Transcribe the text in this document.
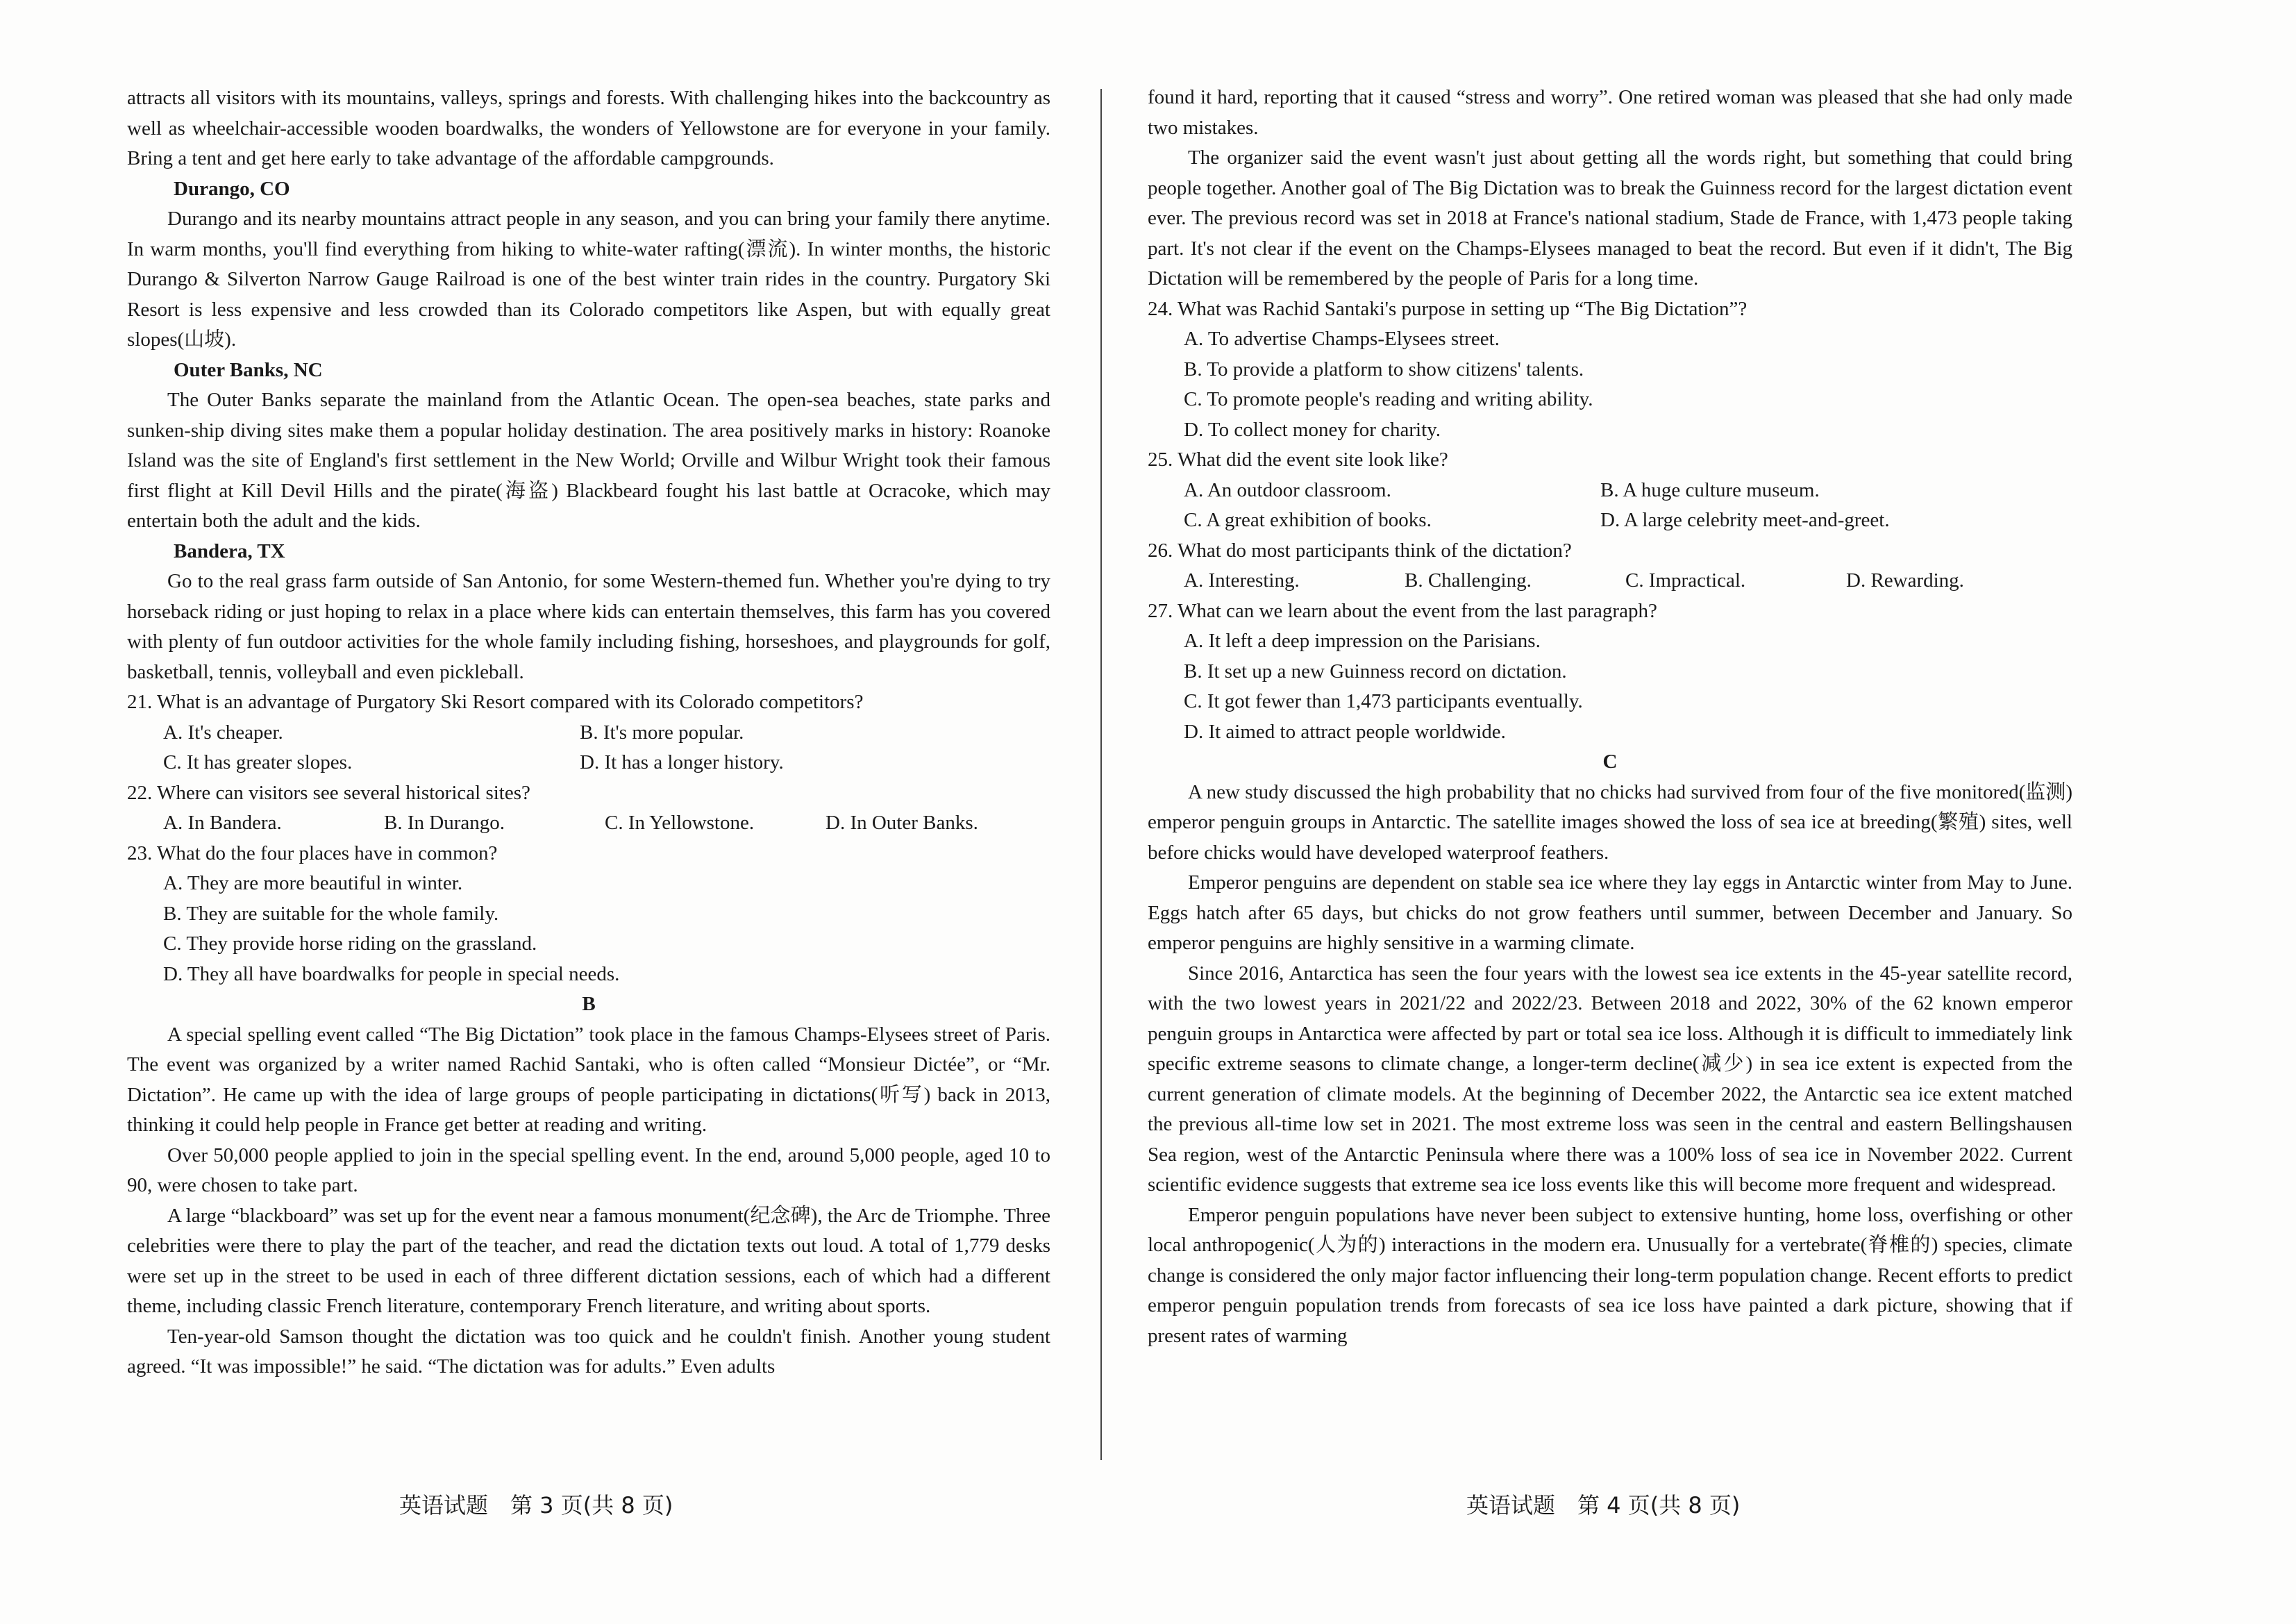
attracts all visitors with its mountains, valleys, springs and forests. With challenging hikes into the backcountry as well as wheelchair-accessible wooden boardwalks, the wonders of Yellowstone are for everyone in your family. Bring a tent and get here early to take advantage of the affordable campgrounds.

Durango, CO

Durango and its nearby mountains attract people in any season, and you can bring your family there anytime. In warm months, you'll find everything from hiking to white-water rafting(漂流). In winter months, the historic Durango & Silverton Narrow Gauge Railroad is one of the best winter train rides in the country. Purgatory Ski Resort is less expensive and less crowded than its Colorado competitors like Aspen, but with equally great slopes(山坡).

Outer Banks, NC

The Outer Banks separate the mainland from the Atlantic Ocean. The open-sea beaches, state parks and sunken-ship diving sites make them a popular holiday destination. The area positively marks in history: Roanoke Island was the site of England's first settlement in the New World; Orville and Wilbur Wright took their famous first flight at Kill Devil Hills and the pirate(海盗) Blackbeard fought his last battle at Ocracoke, which may entertain both the adult and the kids.

Bandera, TX

Go to the real grass farm outside of San Antonio, for some Western-themed fun. Whether you're dying to try horseback riding or just hoping to relax in a place where kids can entertain themselves, this farm has you covered with plenty of fun outdoor activities for the whole family including fishing, horseshoes, and playgrounds for golf, basketball, tennis, volleyball and even pickleball.

21. What is an advantage of Purgatory Ski Resort compared with its Colorado competitors?

A. It's cheaper.	B. It's more popular.
C. It has greater slopes.	D. It has a longer history.

22. Where can visitors see several historical sites?

A. In Bandera.	B. In Durango.	C. In Yellowstone.	D. In Outer Banks.

23. What do the four places have in common?

A. They are more beautiful in winter.
B. They are suitable for the whole family.
C. They provide horse riding on the grassland.
D. They all have boardwalks for people in special needs.

B

A special spelling event called “The Big Dictation” took place in the famous Champs-Elysees street of Paris. The event was organized by a writer named Rachid Santaki, who is often called “Monsieur Dictée”, or “Mr. Dictation”. He came up with the idea of large groups of people participating in dictations(听写) back in 2013, thinking it could help people in France get better at reading and writing.

Over 50,000 people applied to join in the special spelling event. In the end, around 5,000 people, aged 10 to 90, were chosen to take part.

A large “blackboard” was set up for the event near a famous monument(纪念碑), the Arc de Triomphe. Three celebrities were there to play the part of the teacher, and read the dictation texts out loud. A total of 1,779 desks were set up in the street to be used in each of three different dictation sessions, each of which had a different theme, including classic French literature, contemporary French literature, and writing about sports.

Ten-year-old Samson thought the dictation was too quick and he couldn't finish. Another young student agreed. “It was impossible!” he said. “The dictation was for adults.” Even adults

found it hard, reporting that it caused “stress and worry”. One retired woman was pleased that she had only made two mistakes.

The organizer said the event wasn't just about getting all the words right, but something that could bring people together. Another goal of The Big Dictation was to break the Guinness record for the largest dictation event ever. The previous record was set in 2018 at France's national stadium, Stade de France, with 1,473 people taking part. It's not clear if the event on the Champs-Elysees managed to beat the record. But even if it didn't, The Big Dictation will be remembered by the people of Paris for a long time.

24. What was Rachid Santaki's purpose in setting up “The Big Dictation”?

A. To advertise Champs-Elysees street.
B. To provide a platform to show citizens' talents.
C. To promote people's reading and writing ability.
D. To collect money for charity.

25. What did the event site look like?

A. An outdoor classroom.	B. A huge culture museum.
C. A great exhibition of books.	D. A large celebrity meet-and-greet.

26. What do most participants think of the dictation?

A. Interesting.	B. Challenging.	C. Impractical.	D. Rewarding.

27. What can we learn about the event from the last paragraph?

A. It left a deep impression on the Parisians.
B. It set up a new Guinness record on dictation.
C. It got fewer than 1,473 participants eventually.
D. It aimed to attract people worldwide.

C

A new study discussed the high probability that no chicks had survived from four of the five monitored(监测) emperor penguin groups in Antarctic. The satellite images showed the loss of sea ice at breeding(繁殖) sites, well before chicks would have developed waterproof feathers.

Emperor penguins are dependent on stable sea ice where they lay eggs in Antarctic winter from May to June. Eggs hatch after 65 days, but chicks do not grow feathers until summer, between December and January. So emperor penguins are highly sensitive in a warming climate.

Since 2016, Antarctica has seen the four years with the lowest sea ice extents in the 45-year satellite record, with the two lowest years in 2021/22 and 2022/23. Between 2018 and 2022, 30% of the 62 known emperor penguin groups in Antarctica were affected by part or total sea ice loss. Although it is difficult to immediately link specific extreme seasons to climate change, a longer-term decline(减少) in sea ice extent is expected from the current generation of climate models. At the beginning of December 2022, the Antarctic sea ice extent matched the previous all-time low set in 2021. The most extreme loss was seen in the central and eastern Bellingshausen Sea region, west of the Antarctic Peninsula where there was a 100% loss of sea ice in November 2022. Current scientific evidence suggests that extreme sea ice loss events like this will become more frequent and widespread.

Emperor penguin populations have never been subject to extensive hunting, home loss, overfishing or other local anthropogenic(人为的) interactions in the modern era. Unusually for a vertebrate(脊椎的) species, climate change is considered the only major factor influencing their long-term population change. Recent efforts to predict emperor penguin population trends from forecasts of sea ice loss have painted a dark picture, showing that if present rates of warming

英语试题　第 3 页(共 8 页)	英语试题　第 4 页(共 8 页)
